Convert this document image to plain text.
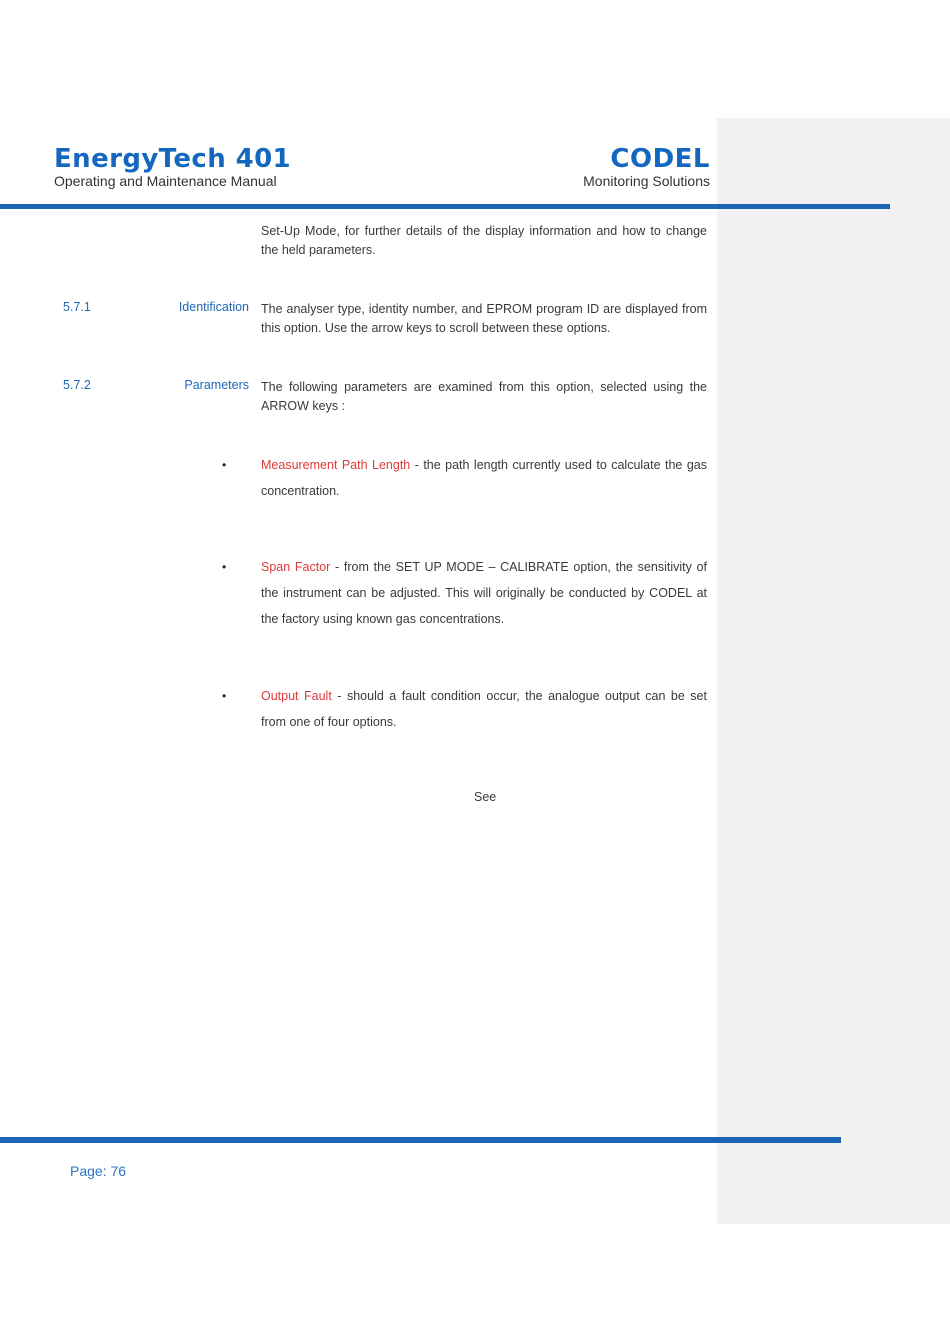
EnergyTech 401
Operating and Maintenance Manual
CODEL
Monitoring Solutions
Set-Up Mode, for further details of the display information and how to change the held parameters.
5.7.1	Identification The analyser type, identity number, and EPROM program ID are displayed from this option. Use the arrow keys to scroll between these options.
5.7.2	Parameters The following parameters are examined from this option, selected using the ARROW keys :
•	Measurement Path Length - the path length currently used to calculate the gas concentration.
•	Span Factor - from the SET UP MODE – CALIBRATE option, the sensitivity of the instrument can be adjusted. This will originally be conducted by CODEL at the factory using known gas concentrations.
•	Output Fault - should a fault condition occur, the analogue output can be set from one of four options.
See
Page: 76
